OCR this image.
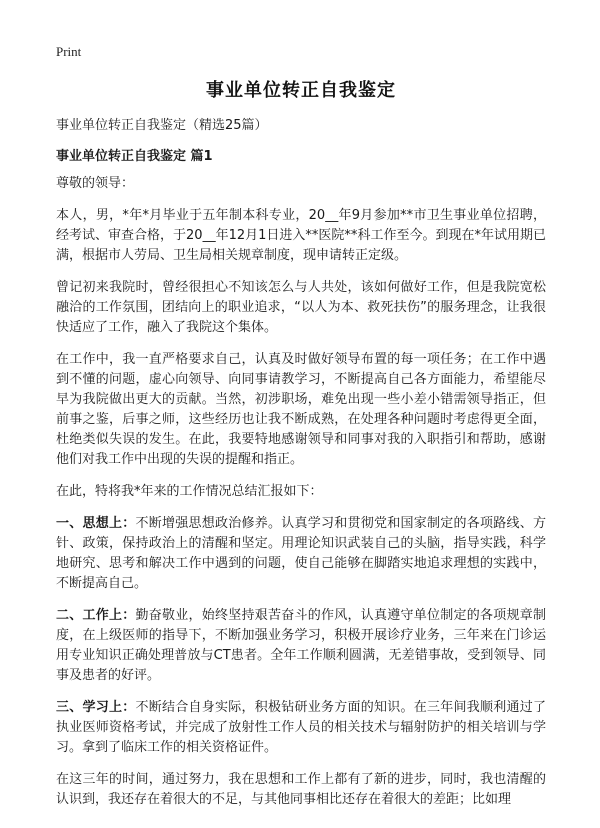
Print
事业单位转正自我鉴定
事业单位转正自我鉴定（精选25篇）
事业单位转正自我鉴定 篇1

尊敬的领导：

本人，男，*年*月毕业于五年制本科专业，20__年9月参加**市卫生事业单位招聘，经考试、审查合格，于20__年12月1日进入**医院**科工作至今。到现在*年试用期已满，根据市人劳局、卫生局相关规章制度，现申请转正定级。

曾记初来我院时，曾经很担心不知该怎么与人共处，该如何做好工作，但是我院宽松融洽的工作氛围，团结向上的职业追求，“以人为本、救死扶伤”的服务理念，让我很快适应了工作，融入了我院这个集体。

在工作中，我一直严格要求自己，认真及时做好领导布置的每一项任务；在工作中遇到不懂的问题，虚心向领导、向同事请教学习，不断提高自己各方面能力，希望能尽早为我院做出更大的贡献。当然，初涉职场，难免出现一些小差小错需领导指正，但前事之鉴，后事之师，这些经历也让我不断成熟，在处理各种问题时考虑得更全面，杜绝类似失误的发生。在此，我要特地感谢领导和同事对我的入职指引和帮助，感谢他们对我工作中出现的失误的提醒和指正。

在此，特将我*年来的工作情况总结汇报如下：

一、思想上：不断增强思想政治修养。认真学习和贯彻党和国家制定的各项路线、方针、政策，保持政治上的清醒和坚定。用理论知识武装自己的头脑，指导实践，科学地研究、思考和解决工作中遇到的问题，使自己能够在脚踏实地追求理想的实践中，不断提高自己。

二、工作上：勤奋敬业，始终坚持艰苦奋斗的作风，认真遵守单位制定的各项规章制度，在上级医师的指导下，不断加强业务学习，积极开展诊疗业务，三年来在门诊运用专业知识正确处理普放与CT患者。全年工作顺利圆满，无差错事故，受到领导、同事及患者的好评。

三、学习上：不断结合自身实际，积极钻研业务方面的知识。在三年间我顺利通过了执业医师资格考试，并完成了放射性工作人员的相关技术与辐射防护的相关培训与学习。拿到了临床工作的相关资格证件。

在这三年的时间，通过努力，我在思想和工作上都有了新的进步，同时，我也清醒的认识到，我还存在着很大的不足，与其他同事相比还存在着很大的差距；比如理
